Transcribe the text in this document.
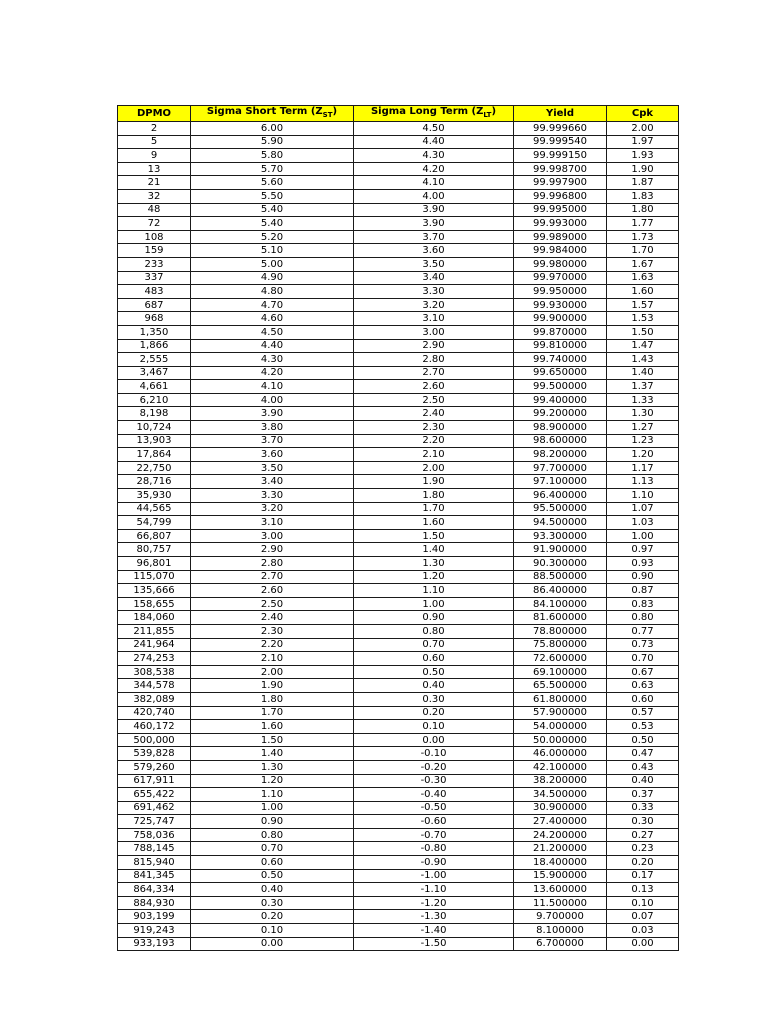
DPMO	Sigma Short Term $(Z_{ST})$	Sigma Long Term $(Z_{LT})$	Yield	Cpk
2	6.00	4.50	99.999660	2.00
5	5.90	4.40	99.999540	1.97
9	5.80	4.30	99.999150	1.93
13	5.70	4.20	99.998700	1.90
21	5.60	4.10	99.997900	1.87
32	5.50	4.00	99.996800	1.83
48	5.40	3.90	99.995000	1.80
72	5.40	3.90	99.993000	1.77
108	5.20	3.70	99.989000	1.73
159	5.10	3.60	99.984000	1.70
233	5.00	3.50	99.980000	1.67
337	4.90	3.40	99.970000	1.63
483	4.80	3.30	99.950000	1.60
687	4.70	3.20	99.930000	1.57
968	4.60	3.10	99.900000	1.53
1,350	4.50	3.00	99.870000	1.50
1,866	4.40	2.90	99.810000	1.47
2,555	4.30	2.80	99.740000	1.43
3,467	4.20	2.70	99.650000	1.40
4,661	4.10	2.60	99.500000	1.37
6,210	4.00	2.50	99.400000	1.33
8,198	3.90	2.40	99.200000	1.30
10,724	3.80	2.30	98.900000	1.27
13,903	3.70	2.20	98.600000	1.23
17,864	3.60	2.10	98.200000	1.20
22,750	3.50	2.00	97.700000	1.17
28,716	3.40	1.90	97.100000	1.13
35,930	3.30	1.80	96.400000	1.10
44,565	3.20	1.70	95.500000	1.07
54,799	3.10	1.60	94.500000	1.03
66,807	3.00	1.50	93.300000	1.00
80,757	2.90	1.40	91.900000	0.97
96,801	2.80	1.30	90.300000	0.93
115,070	2.70	1.20	88.500000	0.90
135,666	2.60	1.10	86.400000	0.87
158,655	2.50	1.00	84.100000	0.83
184,060	2.40	0.90	81.600000	0.80
211,855	2.30	0.80	78.800000	0.77
241,964	2.20	0.70	75.800000	0.73
274,253	2.10	0.60	72.600000	0.70
308,538	2.00	0.50	69.100000	0.67
344,578	1.90	0.40	65.500000	0.63
382,089	1.80	0.30	61.800000	0.60
420,740	1.70	0.20	57.900000	0.57
460,172	1.60	0.10	54.000000	0.53
500,000	1.50	0.00	50.000000	0.50
539,828	1.40	-0.10	46.000000	0.47
579,260	1.30	-0.20	42.100000	0.43
617,911	1.20	-0.30	38.200000	0.40
655,422	1.10	-0.40	34.500000	0.37
691,462	1.00	-0.50	30.900000	0.33
725,747	0.90	-0.60	27.400000	0.30
758,036	0.80	-0.70	24.200000	0.27
788,145	0.70	-0.80	21.200000	0.23
815,940	0.60	-0.90	18.400000	0.20
841,345	0.50	-1.00	15.900000	0.17
864,334	0.40	-1.10	13.600000	0.13
884,930	0.30	-1.20	11.500000	0.10
903,199	0.20	-1.30	9.700000	0.07
919,243	0.10	-1.40	8.100000	0.03
933,193	0.00	-1.50	6.700000	0.00
